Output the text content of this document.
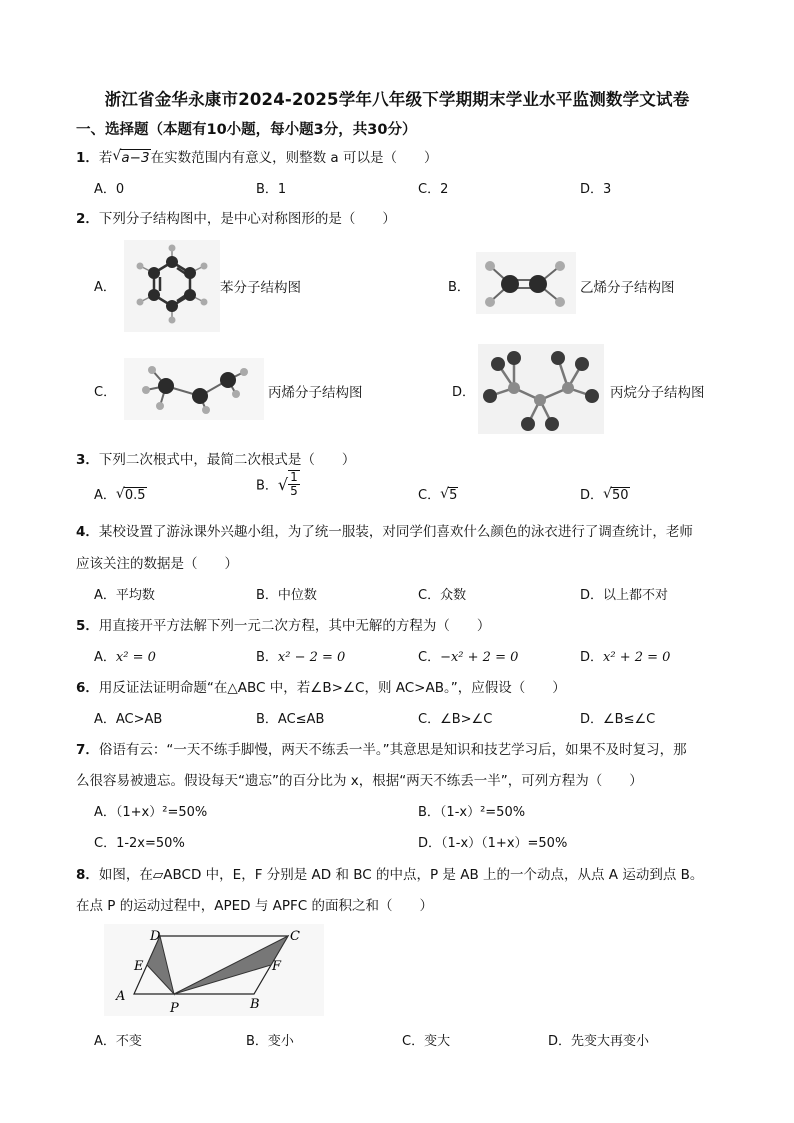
浙江省金华永康市2024-2025学年八年级下学期期末学业水平监测数学文试卷
一、选择题（本题有10小题，每小题3分，共30分）
1．若 √ a−3在实数范围内有意义，则整数 a 可以是（　　）
A．0	B．1	C．2	D．3
2．下列分子结构图中，是中心对称图形的是（　　）
A．	苯分子结构图	B．	乙烯分子结构图
C．	丙烯分子结构图	D．	丙烷分子结构图
3．下列二次根式中，最简二次根式是（　　）
A． √ 0.5
B．√ $\frac{1}{5}$	C． √ 5	D． √ 50
4．某校设置了游泳课外兴趣小组，为了统一服装，对同学们喜欢什么颜色的泳衣进行了调查统计，老师
应该关注的数据是（　　）
A．平均数	B．中位数	C．众数	D．以上都不对
5．用直接开平方法解下列一元二次方程，其中无解的方程为（　　）
A．x² = 0	B．x² − 2 = 0	C．−x² + 2 = 0	D．x² + 2 = 0
6．用反证法证明命题“在△ABC 中，若∠B>∠C，则 AC>AB。”，应假设（　　）
A．AC>AB	B．AC≤AB	C．∠B>∠C	D．∠B≤∠C
7．俗语有云：“一天不练手脚慢，两天不练丢一半。”其意思是知识和技艺学习后，如果不及时复习，那
么很容易被遗忘。假设每天“遗忘”的百分比为 x，根据“两天不练丢一半”，可列方程为（　　）
A．（1+x）²=50%	B．（1-x）²=50%
C．1-2x=50%	D．（1-x）（1+x）=50%
8．如图，在▱ABCD 中，E，F 分别是 AD 和 BC 的中点，P 是 AB 上的一个动点，从点 A 运动到点 B。
在点 P 的运动过程中，APED 与 APFC 的面积之和（　　）
D	C
E	F
A
B
P
A．不变	B．变小	C．变大	D．先变大再变小
